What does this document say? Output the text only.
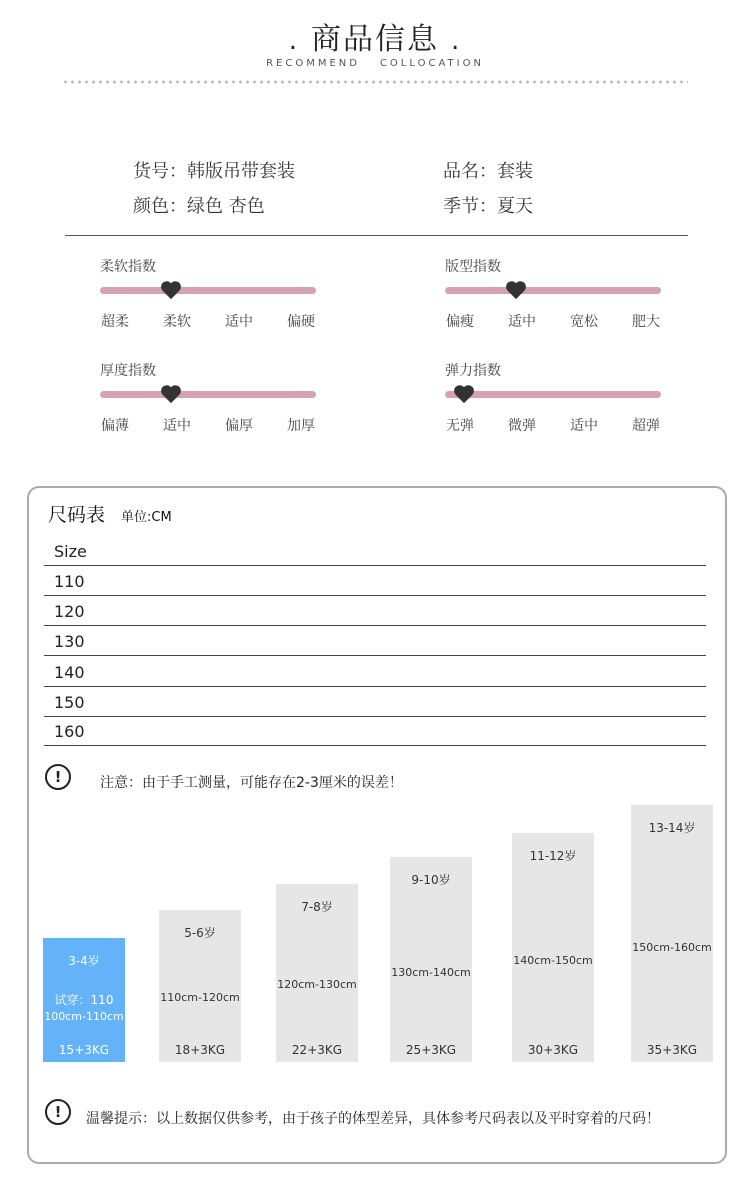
. 商品信息 .
RECOMMEND COLLOCATION
货号：韩版吊带套装	品名：套装
颜色：绿色 杏色	季节：夏天
柔软指数
超柔	柔软	适中	偏硬
版型指数
偏瘦	适中	宽松	肥大
厚度指数
偏薄	适中	偏厚	加厚
弹力指数
无弹	微弹	适中	超弹
尺码表 单位:CM
Size
110
120
130
140
150
160
!	注意：由于手工测量，可能存在2-3厘米的误差！
3-4岁
试穿：110
100cm-110cm
15+3KG
5-6岁
110cm-120cm
18+3KG
7-8岁
120cm-130cm
22+3KG
9-10岁
130cm-140cm
25+3KG
11-12岁
140cm-150cm
30+3KG
13-14岁
150cm-160cm
35+3KG
!	温馨提示：以上数据仅供参考，由于孩子的体型差异，具体参考尺码表以及平时穿着的尺码！
